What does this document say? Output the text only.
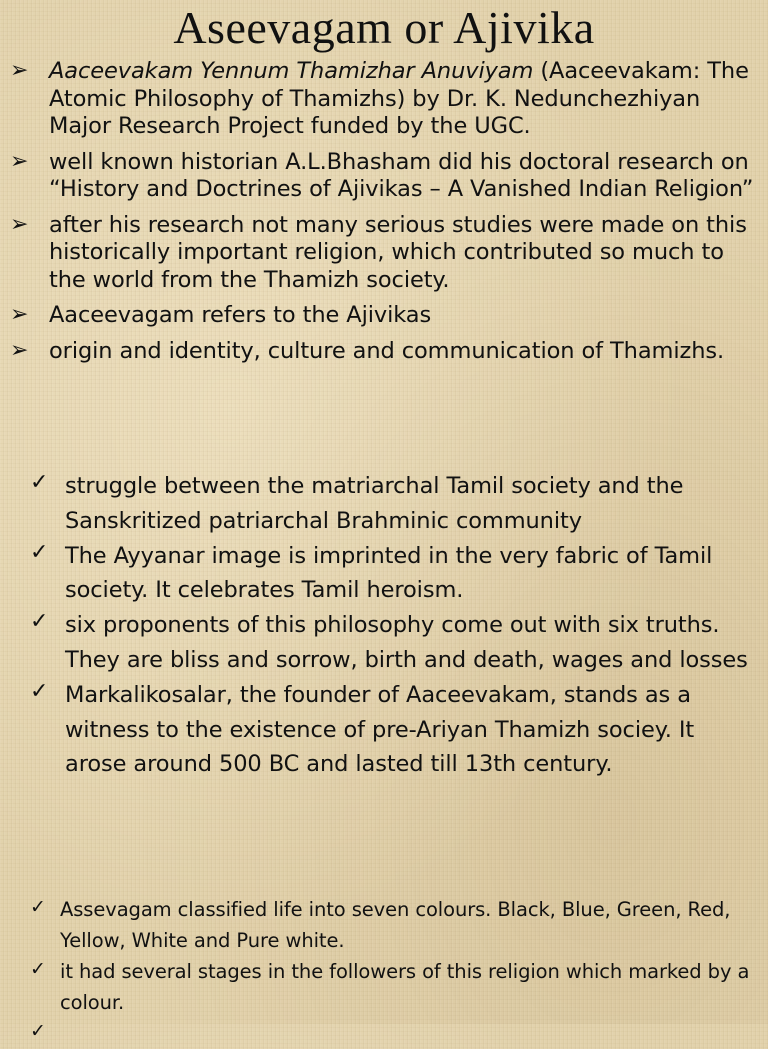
Aseevagam or Ajivika
➢ Aaceevakam Yennum Thamizhar Anuviyam (Aaceevakam: The Atomic Philosophy of Thamizhs) by Dr. K. Nedunchezhiyan Major Research Project funded by the UGC.
➢ well known historian A.L.Bhasham did his doctoral research on “History and Doctrines of Ajivikas – A Vanished Indian Religion”
➢ after his research not many serious studies were made on this historically important religion, which contributed so much to the world from the Thamizh society.
➢ Aaceevagam refers to the Ajivikas
➢ origin and identity, culture and communication of Thamizhs.
✓ struggle between the matriarchal Tamil society and the Sanskritized patriarchal Brahminic community
✓ The Ayyanar image is imprinted in the very fabric of Tamil society. It celebrates Tamil heroism.
✓ six proponents of this philosophy come out with six truths. They are bliss and sorrow, birth and death, wages and losses
✓ Markalikosalar, the founder of Aaceevakam, stands as a witness to the existence of pre-Ariyan Thamizh sociey. It arose around 500 BC and lasted till 13th century.
✓ Assevagam classified life into seven colours. Black, Blue, Green, Red, Yellow, White and Pure white.
✓ it had several stages in the followers of this religion which marked by a colour.
✓
